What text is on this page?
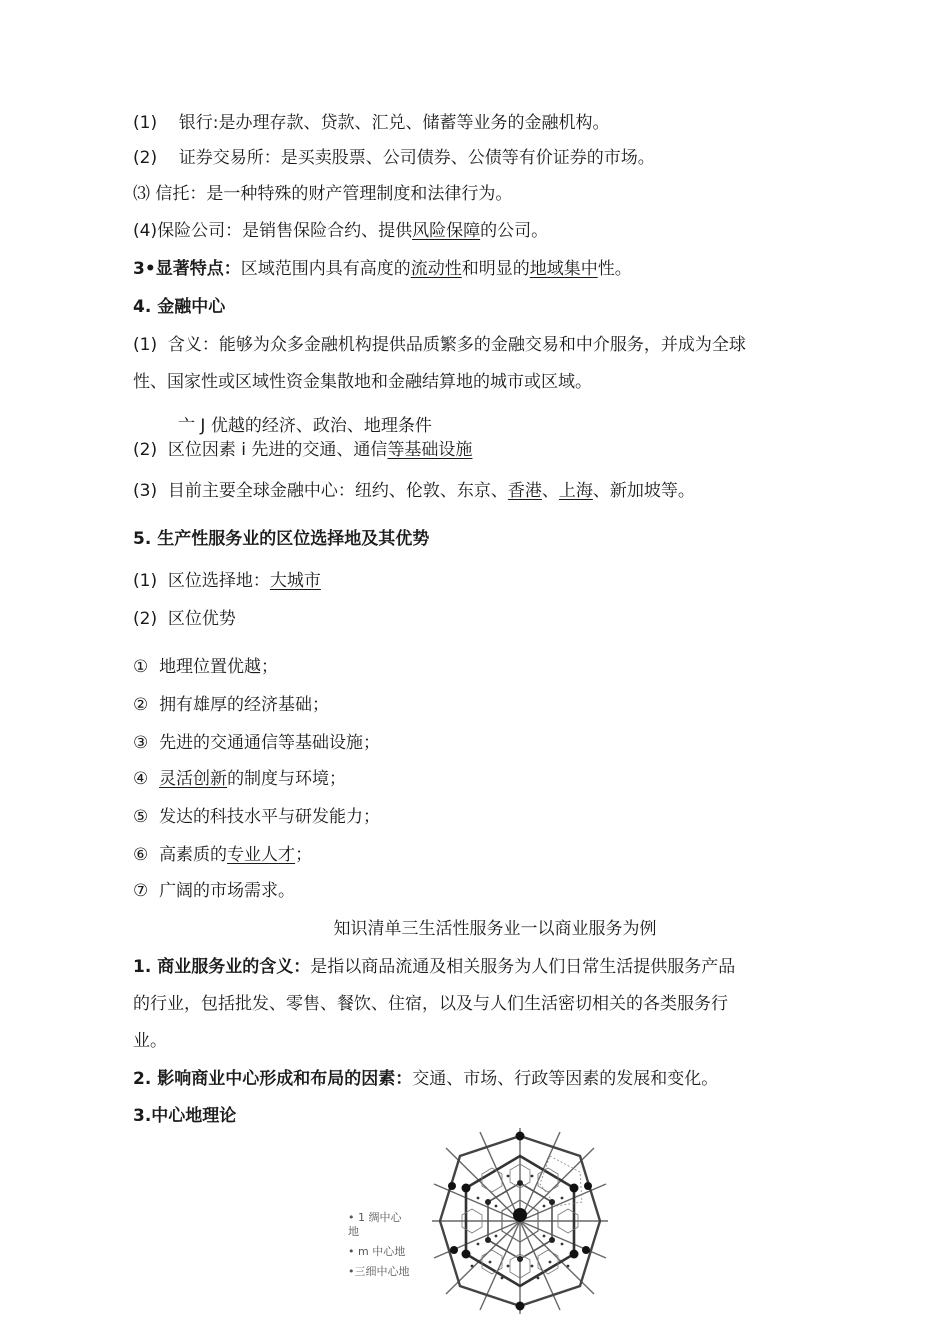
(1) 银行:是办理存款、贷款、汇兑、储蓄等业务的金融机构。
(2) 证券交易所：是买卖股票、公司债券、公债等有价证券的市场。
⑶ 信托：是一种特殊的财产管理制度和法律行为。
(4)保险公司：是销售保险合约、提供风险保障的公司。
3•显著特点：区域范围内具有高度的流动性和明显的地域集中性。
4. 金融中心
(1) 含义：能够为众多金融机构提供品质繁多的金融交易和中介服务，并成为全球
性、国家性或区域性资金集散地和金融结算地的城市或区域。
亠 J 优越的经济、政治、地理条件
(2) 区位因素 i 先进的交通、通信等基础设施
(3) 目前主要全球金融中心：纽约、伦敦、东京、香港、上海、新加坡等。
5. 生产性服务业的区位选择地及其优势
(1) 区位选择地：大城市
(2) 区位优势
① 地理位置优越；
② 拥有雄厚的经济基础；
③ 先进的交通通信等基础设施；
④ 灵活创新的制度与环境；
⑤ 发达的科技水平与研发能力；
⑥ 高素质的专业人才；
⑦ 广阔的市场需求。
知识清单三生活性服务业一以商业服务为例
1. 商业服务业的含义：是指以商品流通及相关服务为人们日常生活提供服务产品
的行业，包括批发、零售、餐饮、住宿，以及与人们生活密切相关的各类服务行
业。
2. 影响商业中心形成和布局的因素：交通、市场、行政等因素的发展和变化。
3.中心地理论
• 1 绸中心
地
• m 中心地
•三细中心地
